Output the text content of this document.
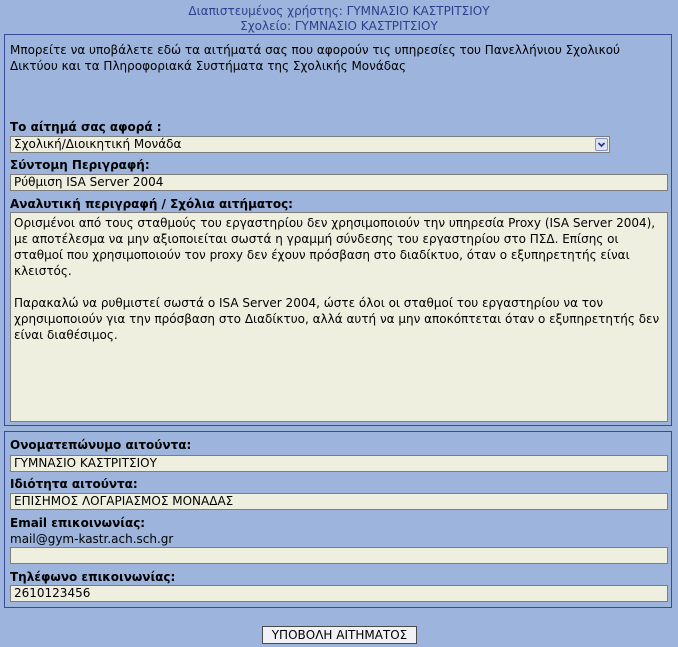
Διαπιστευμένος χρήστης: ΓΥΜΝΑΣΙΟ ΚΑΣΤΡΙΤΣΙΟΥ
Σχολείο: ΓΥΜΝΑΣΙΟ ΚΑΣΤΡΙΤΣΙΟΥ
Μπορείτε να υποβάλετε εδώ τα αιτήματά σας που αφορούν τις υπηρεσίες του Πανελλήνιου Σχολικού Δικτύου και τα Πληροφοριακά Συστήματα της Σχολικής Μονάδας
Το αίτημά σας αφορά :
Σχολική/Διοικητική Μονάδα
Σύντομη Περιγραφή:
Ρύθμιση ISA Server 2004
Αναλυτική περιγραφή / Σχόλια αιτήματος:

Ορισμένοι από τους σταθμούς του εργαστηρίου δεν χρησιμοποιούν την υπηρεσία Proxy (ISA Server 2004), με αποτέλεσμα να μην αξιοποιείται σωστά η γραμμή σύνδεσης του εργαστηρίου στο ΠΣΔ. Επίσης οι σταθμοί που χρησιμοποιούν τον proxy δεν έχουν πρόσβαση στο διαδίκτυο, όταν ο εξυπηρετητής είναι κλειστός.

Παρακαλώ να ρυθμιστεί σωστά ο ISA Server 2004, ώστε όλοι οι σταθμοί του εργαστηρίου να τον χρησιμοποιούν για την πρόσβαση στο Διαδίκτυο, αλλά αυτή να μην αποκόπτεται όταν ο εξυπηρετητής δεν είναι διαθέσιμος.

Ονοματεπώνυμο αιτούντα:
ΓΥΜΝΑΣΙΟ ΚΑΣΤΡΙΤΣΙΟΥ
Ιδιότητα αιτούντα:
ΕΠΙΣΗΜΟΣ ΛΟΓΑΡΙΑΣΜΟΣ ΜΟΝΑΔΑΣ
Email επικοινωνίας:
mail@gym-kastr.ach.sch.gr
Τηλέφωνο επικοινωνίας:
2610123456
ΥΠΟΒΟΛΗ ΑΙΤΗΜΑΤΟΣ
